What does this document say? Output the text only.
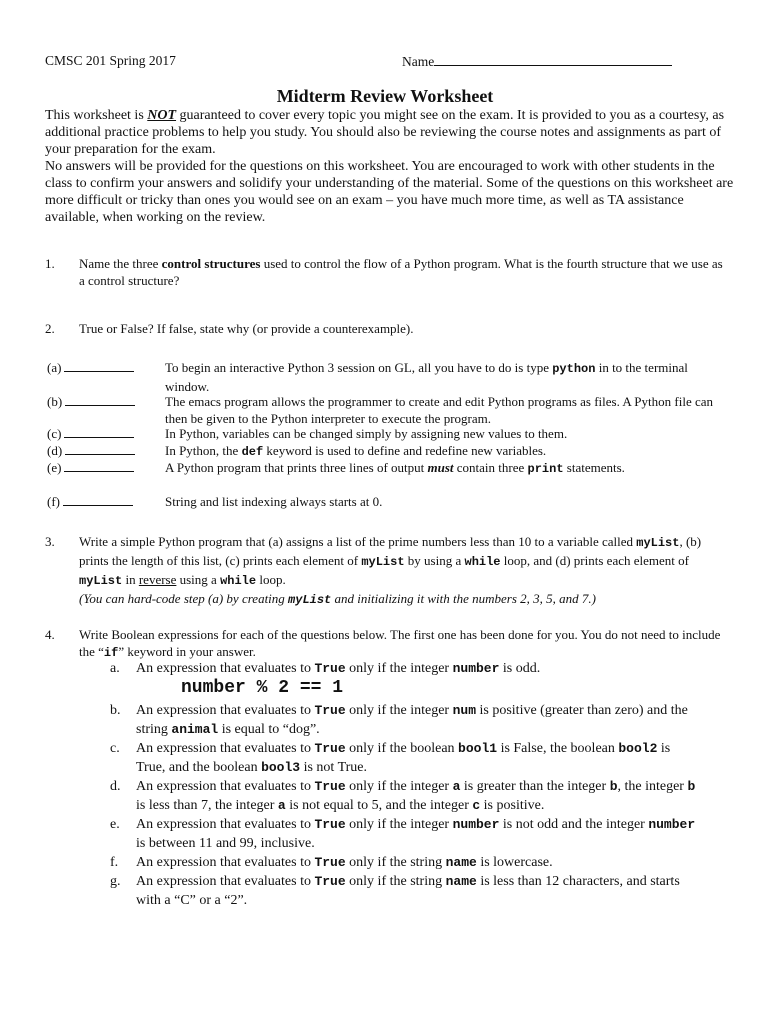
CMSC 201 Spring 2017	Name
Midterm Review Worksheet
This worksheet is NOT guaranteed to cover every topic you might see on the exam. It is provided to you as a courtesy, as additional practice problems to help you study. You should also be reviewing the course notes and assignments as part of your preparation for the exam.
No answers will be provided for the questions on this worksheet. You are encouraged to work with other students in the class to confirm your answers and solidify your understanding of the material. Some of the questions on this worksheet are more difficult or tricky than ones you would see on an exam – you have much more time, as well as TA assistance available, when working on the review.
1. Name the three control structures used to control the flow of a Python program. What is the fourth structure that we use as a control structure?
2. True or False? If false, state why (or provide a counterexample).
(a)	To begin an interactive Python 3 session on GL, all you have to do is type python in to the terminal window.
(b)	The emacs program allows the programmer to create and edit Python programs as files. A Python file can then be given to the Python interpreter to execute the program.
(c)	In Python, variables can be changed simply by assigning new values to them.
(d)	In Python, the def keyword is used to define and redefine new variables.
(e)	A Python program that prints three lines of output must contain three print statements.
(f)	String and list indexing always starts at 0.
3. Write a simple Python program that (a) assigns a list of the prime numbers less than 10 to a variable called myList, (b) prints the length of this list, (c) prints each element of myList by using a while loop, and (d) prints each element of myList in reverse using a while loop.
(You can hard-code step (a) by creating myList and initializing it with the numbers 2, 3, 5, and 7.)
4. Write Boolean expressions for each of the questions below. The first one has been done for you. You do not need to include the “if” keyword in your answer.
a. An expression that evaluates to True only if the integer number is odd.
number % 2 == 1
b. An expression that evaluates to True only if the integer num is positive (greater than zero) and the string animal is equal to “dog”.
c. An expression that evaluates to True only if the boolean bool1 is False, the boolean bool2 is True, and the boolean bool3 is not True.
d. An expression that evaluates to True only if the integer a is greater than the integer b, the integer b is less than 7, the integer a is not equal to 5, and the integer c is positive.
e. An expression that evaluates to True only if the integer number is not odd and the integer number is between 11 and 99, inclusive.
f. An expression that evaluates to True only if the string name is lowercase.
g. An expression that evaluates to True only if the string name is less than 12 characters, and starts with a “C” or a “2”.
